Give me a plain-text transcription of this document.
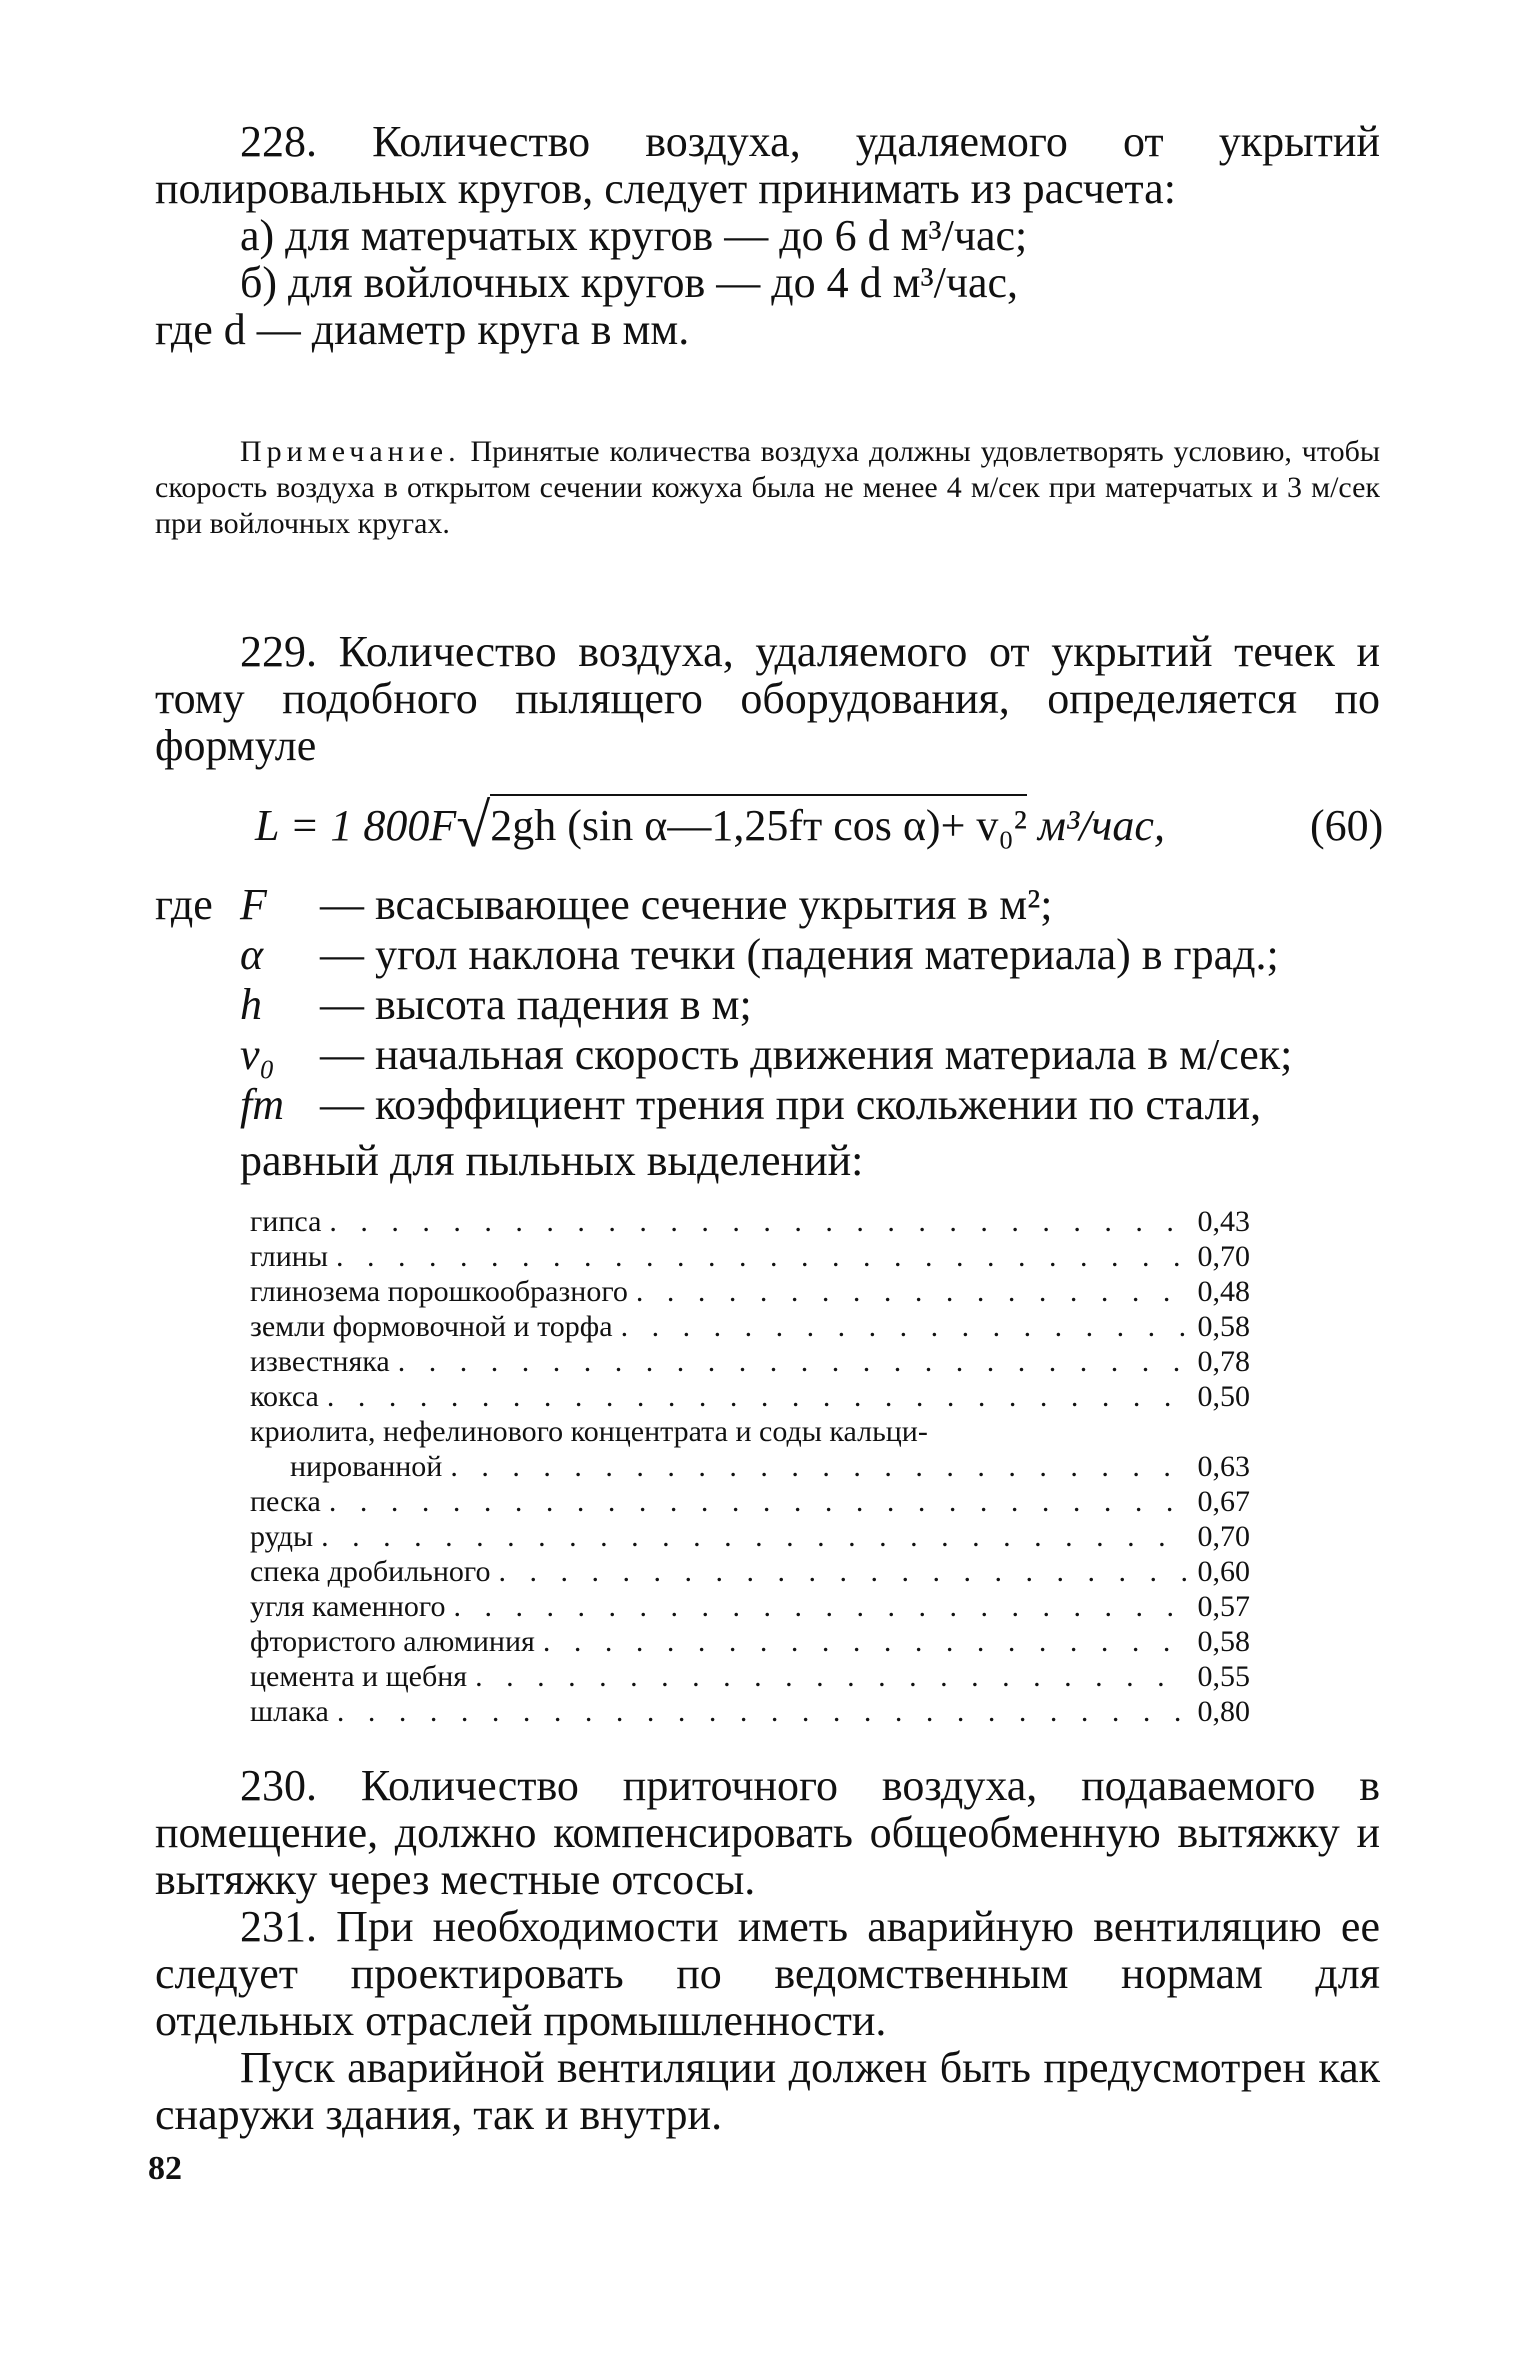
228. Количество воздуха, удаляемого от укрытий полировальных кругов, следует принимать из расчета:

а) для матерчатых кругов — до 6 d м³/час;

б) для войлочных кругов — до 4 d м³/час,

где d — диаметр круга в мм.

Примечание. Принятые количества воздуха должны удовлетворять условию, чтобы скорость воздуха в открытом сечении кожуха была не менее 4 м/сек при матерчатых и 3 м/сек при войлочных кругах.

229. Количество воздуха, удаляемого от укрытий течек и тому подобного пылящего оборудования, определяется по формуле

L = 1 800F√2gh (sin α—1,25fт cos α)+ v₀² м³/час,	(60)
где F	— всасывающее сечение укрытия в м²;
α	— угол наклона течки (падения материала) в град.;
h	— высота падения в м;
v₀	— начальная скорость движения материала в м/сек;
fт — коэффициент трения при скольжении по стали,
равный для пыльных выделений:
гипса . . .	0,43
глины . . .	0,70
глинозема порошкообразного . . .	0,48
земли формовочной и торфа . . .	0,58
известняка . . .	0,78
кокса . . .	0,50
криолита, нефелинового концентрата и соды кальци-
нированной . . .	0,63
песка . . .	0,67
руды . . .	0,70
спека дробильного . . .	0,60
угля каменного . . .	0,57
фтористого алюминия . . .	0,58
цемента и щебня . . .	0,55
шлака . . .	0,80

230. Количество приточного воздуха, подаваемого в помещение, должно компенсировать общеобменную вытяжку и вытяжку через местные отсосы.

231. При необходимости иметь аварийную вентиляцию ее следует проектировать по ведомственным нормам для отдельных отраслей промышленности.

Пуск аварийной вентиляции должен быть предусмотрен как снаружи здания, так и внутри.

82
